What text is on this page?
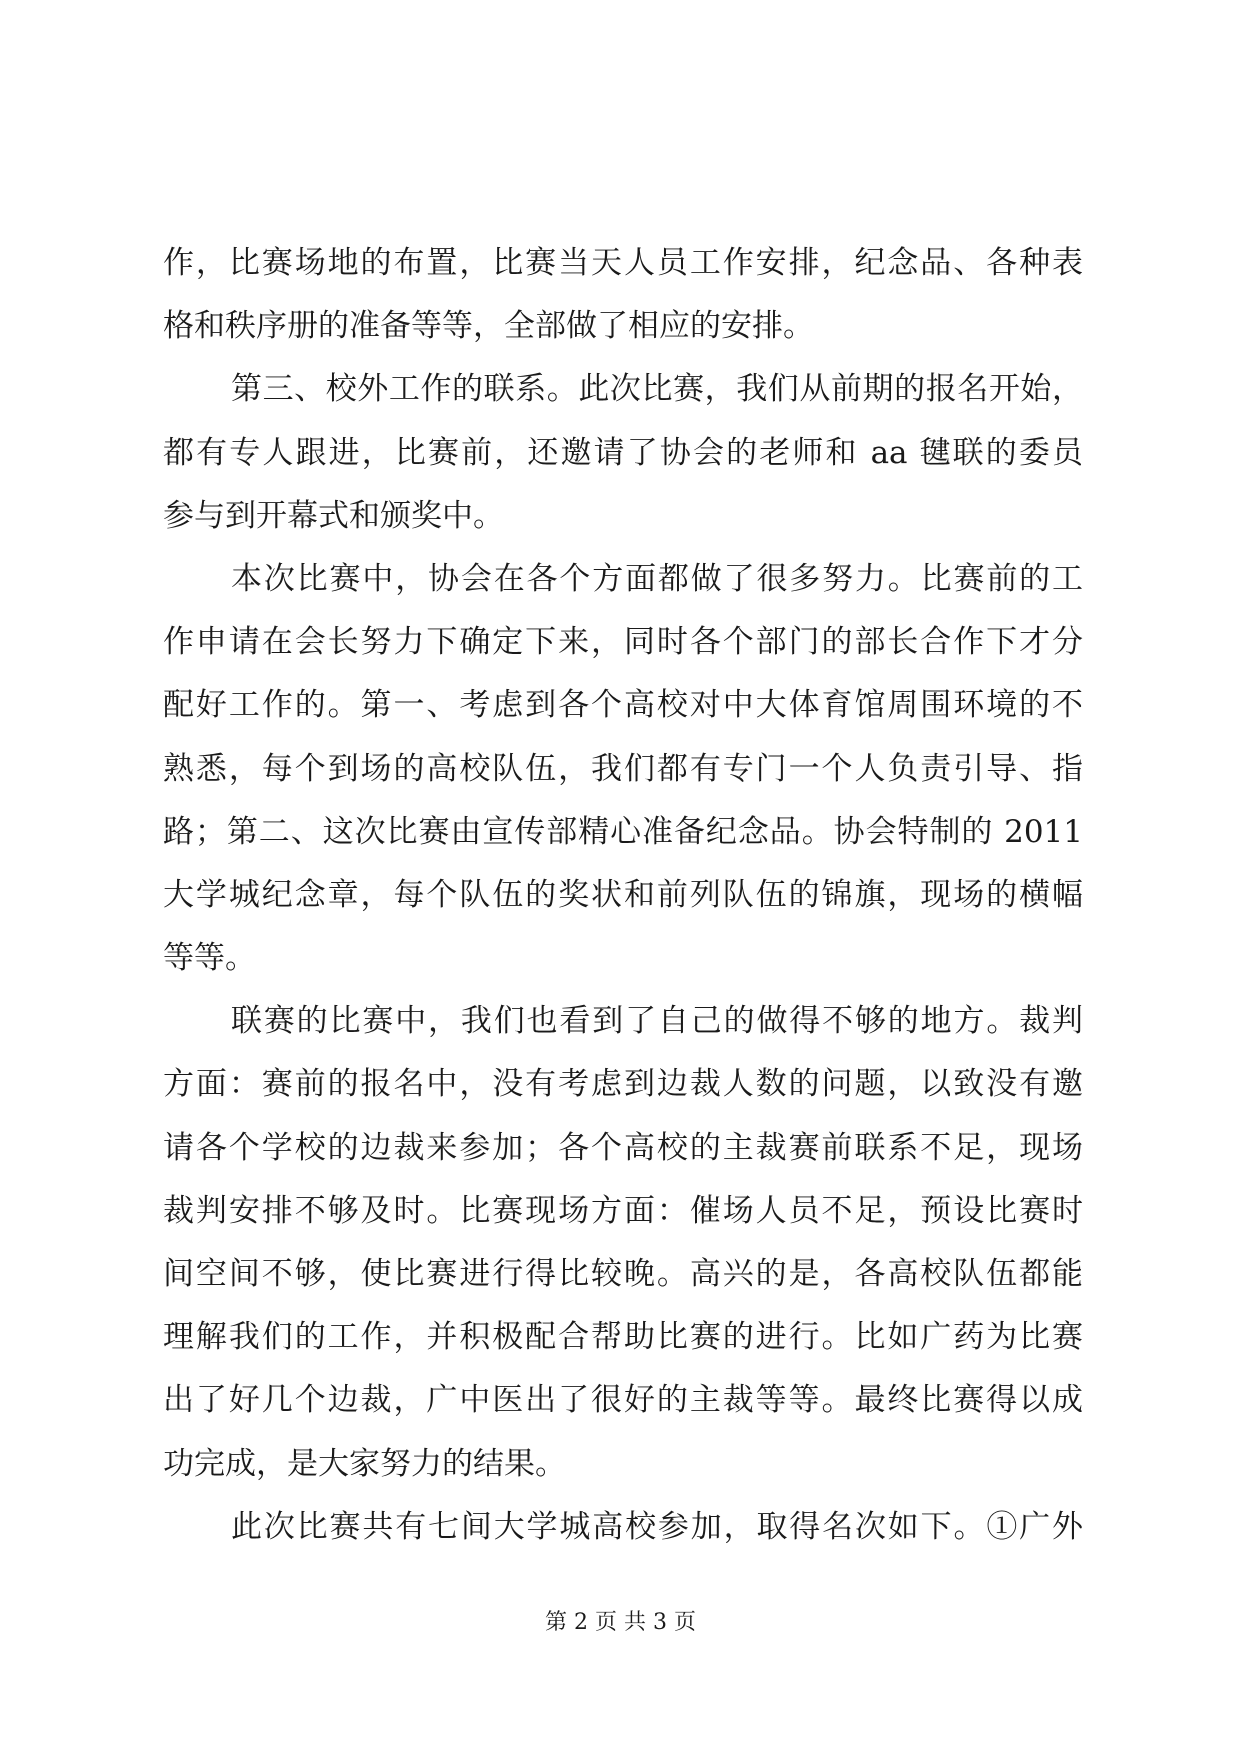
作，比赛场地的布置，比赛当天人员工作安排，纪念品、各种表
格和秩序册的准备等等，全部做了相应的安排。
第三、校外工作的联系。此次比赛，我们从前期的报名开始，
都有专人跟进，比赛前，还邀请了协会的老师和 aa 毽联的委员
参与到开幕式和颁奖中。
本次比赛中，协会在各个方面都做了很多努力。比赛前的工
作申请在会长努力下确定下来，同时各个部门的部长合作下才分
配好工作的。第一、考虑到各个高校对中大体育馆周围环境的不
熟悉，每个到场的高校队伍，我们都有专门一个人负责引导、指
路；第二、这次比赛由宣传部精心准备纪念品。协会特制的 2011
大学城纪念章，每个队伍的奖状和前列队伍的锦旗，现场的横幅
等等。
联赛的比赛中，我们也看到了自己的做得不够的地方。裁判
方面：赛前的报名中，没有考虑到边裁人数的问题，以致没有邀
请各个学校的边裁来参加；各个高校的主裁赛前联系不足，现场
裁判安排不够及时。比赛现场方面：催场人员不足，预设比赛时
间空间不够，使比赛进行得比较晚。高兴的是，各高校队伍都能
理解我们的工作，并积极配合帮助比赛的进行。比如广药为比赛
出了好几个边裁，广中医出了很好的主裁等等。最终比赛得以成
功完成，是大家努力的结果。
此次比赛共有七间大学城高校参加，取得名次如下。①广外
第 2 页 共 3 页
